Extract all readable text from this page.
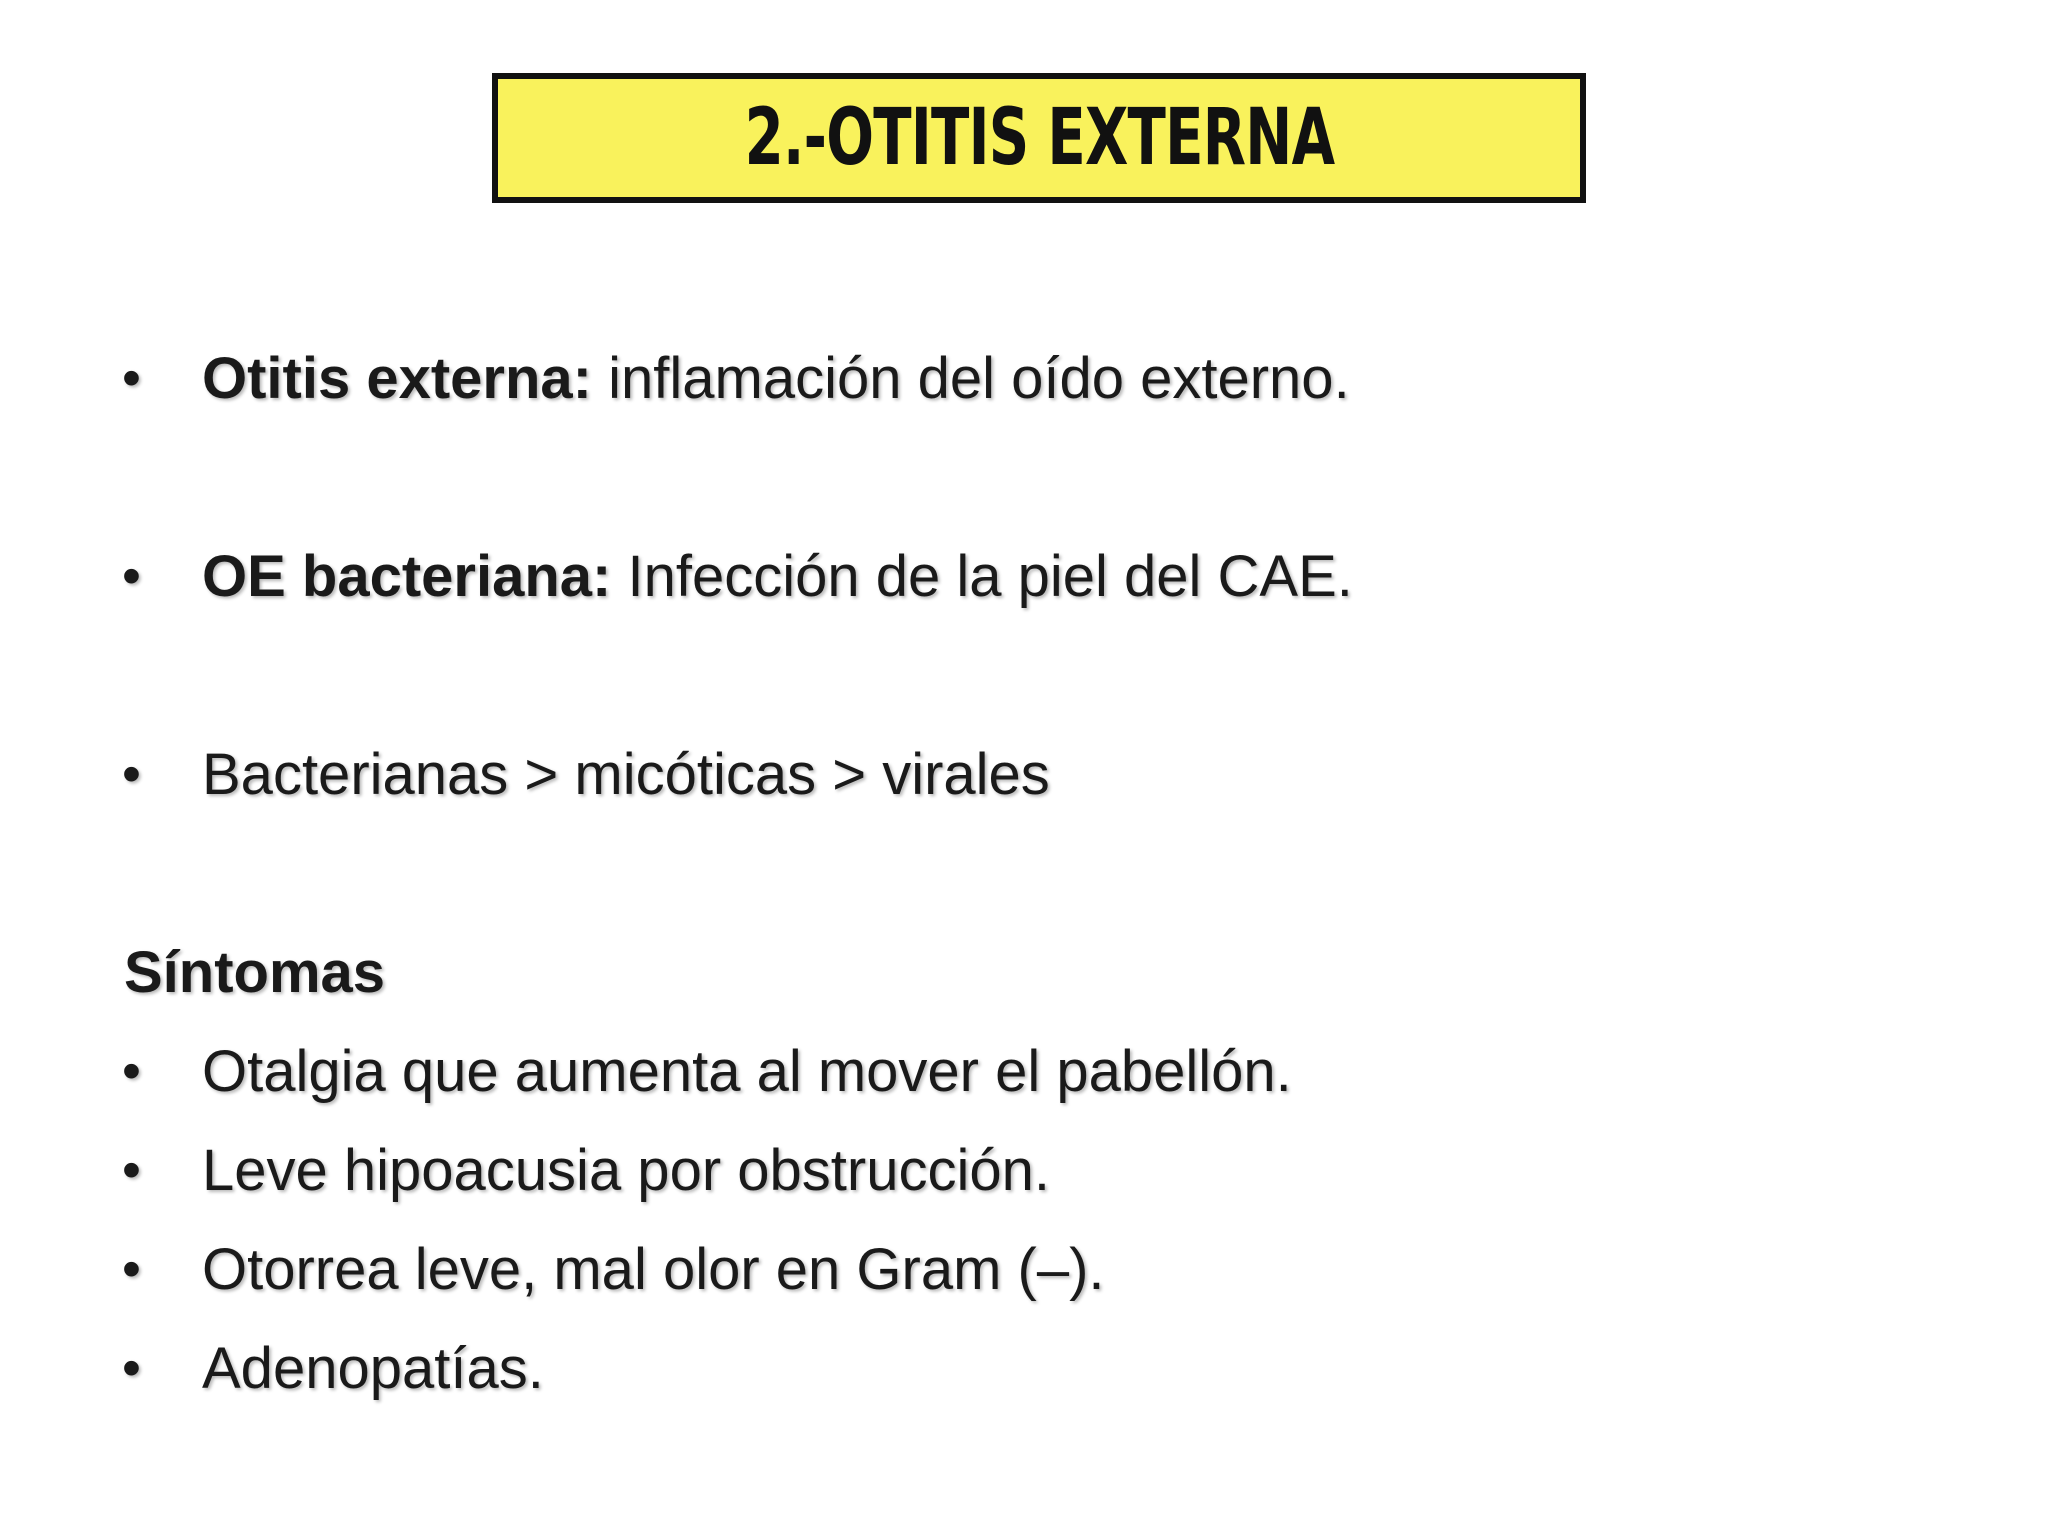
2.-OTITIS EXTERNA
• Otitis externa: inflamación del oído externo.
• OE bacteriana: Infección de la piel del CAE.
• Bacterianas > micóticas > virales
Síntomas
• Otalgia que aumenta al mover el pabellón.
• Leve hipoacusia por obstrucción.
• Otorrea leve, mal olor en Gram (–).
• Adenopatías.
